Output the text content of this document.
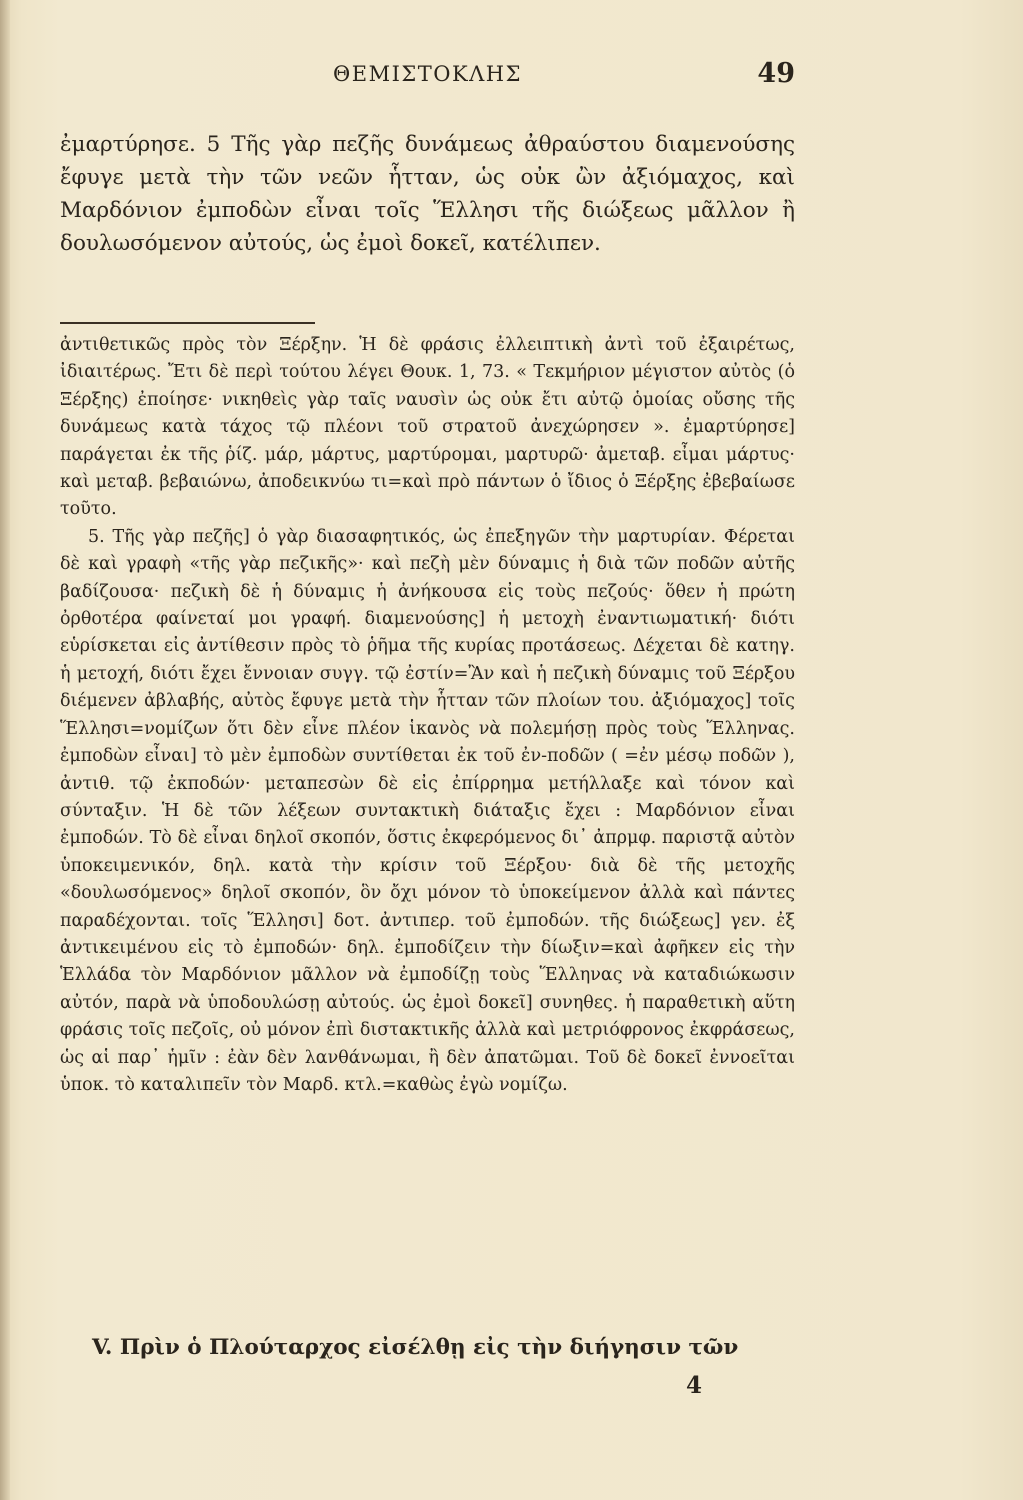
ΘΕΜΙΣΤΟΚΛΗΣ	49

ἐμαρτύρησε. 5 Τῆς γὰρ πεζῆς δυνάμεως ἀθραύστου διαμενούσης ἔφυγε μετὰ τὴν τῶν νεῶν ἧτταν, ὡς οὐκ ὢν ἀξιόμαχος, καὶ Μαρδόνιον ἐμποδὼν εἶναι τοῖς Ἕλλησι τῆς διώξεως μᾶλλον ἢ δουλωσόμενον αὐτούς, ὡς ἐμοὶ δοκεῖ, κατέλιπεν.

ἀντιθετικῶς πρὸς τὸν Ξέρξην. Ἡ δὲ φράσις ἐλλειπτικὴ ἀντὶ τοῦ ἐξαιρέτως, ἰδιαιτέρως. Ἔτι δὲ περὶ τούτου λέγει Θουκ. 1, 73. « Τεκμήριον μέγιστον αὐτὸς (ὁ Ξέρξης) ἐποίησε· νικηθεὶς γὰρ ταῖς ναυσὶν ὡς οὐκ ἔτι αὐτῷ ὁμοίας οὔσης τῆς δυνάμεως κατὰ τάχος τῷ πλέονι τοῦ στρατοῦ ἀνεχώρησεν ». ἐμαρτύρησε] παράγεται ἐκ τῆς ῥίζ. μάρ, μάρτυς, μαρτύρομαι, μαρτυρῶ· ἀμεταβ. εἶμαι μάρτυς· καὶ μεταβ. βεβαιώνω, ἀποδεικνύω τι=καὶ πρὸ πάντων ὁ ἴδιος ὁ Ξέρξης ἐβεβαίωσε τοῦτο.

5. Τῆς γὰρ πεζῆς] ὁ γὰρ διασαφητικός, ὡς ἐπεξηγῶν τὴν μαρτυρίαν. Φέρεται δὲ καὶ γραφὴ «τῆς γὰρ πεζικῆς»· καὶ πεζὴ μὲν δύναμις ἡ διὰ τῶν ποδῶν αὐτῆς βαδίζουσα· πεζικὴ δὲ ἡ δύναμις ἡ ἀνήκουσα εἰς τοὺς πεζούς· ὅθεν ἡ πρώτη ὀρθοτέρα φαίνεταί μοι γραφή. διαμενούσης] ἡ μετοχὴ ἐναντιωματική· διότι εὑρίσκεται εἰς ἀντίθεσιν πρὸς τὸ ῥῆμα τῆς κυρίας προτάσεως. Δέχεται δὲ κατηγ. ἡ μετοχή, διότι ἔχει ἔννοιαν συγγ. τῷ ἐστίν=Ἂν καὶ ἡ πεζικὴ δύναμις τοῦ Ξέρξου διέμενεν ἀβλαβής, αὐτὸς ἔφυγε μετὰ τὴν ἧτταν τῶν πλοίων του. ἀξιόμαχος] τοῖς Ἕλλησι=νομίζων ὅτι δὲν εἶνε πλέον ἱκανὸς νὰ πολεμήσῃ πρὸς τοὺς Ἕλληνας. ἐμποδὼν εἶναι] τὸ μὲν ἐμποδὼν συντίθεται ἐκ τοῦ ἐν-ποδῶν ( =ἐν μέσῳ ποδῶν ), ἀντιθ. τῷ ἐκποδών· μεταπεσὼν δὲ εἰς ἐπίρρημα μετήλλαξε καὶ τόνον καὶ σύνταξιν. Ἡ δὲ τῶν λέξεων συντακτικὴ διάταξις ἔχει : Μαρδόνιον εἶναι ἐμποδών. Τὸ δὲ εἶναι δηλοῖ σκοπόν, ὅστις ἐκφερόμενος δι᾽ ἀπρμφ. παριστᾷ αὐτὸν ὑποκειμενικόν, δηλ. κατὰ τὴν κρίσιν τοῦ Ξέρξου· διὰ δὲ τῆς μετοχῆς «δουλωσόμενος» δηλοῖ σκοπόν, ὃν ὄχι μόνον τὸ ὑποκείμενον ἀλλὰ καὶ πάντες παραδέχονται. τοῖς Ἕλλησι] δοτ. ἀντιπερ. τοῦ ἐμποδών. τῆς διώξεως] γεν. ἐξ ἀντικειμένου εἰς τὸ ἐμποδών· δηλ. ἐμποδίζειν τὴν δίωξιν=καὶ ἀφῆκεν εἰς τὴν Ἑλλάδα τὸν Μαρδόνιον μᾶλλον νὰ ἐμποδίζῃ τοὺς Ἕλληνας νὰ καταδιώκωσιν αὐτόν, παρὰ νὰ ὑποδουλώσῃ αὐτούς. ὡς ἐμοὶ δοκεῖ] συνηθες. ἡ παραθετικὴ αὕτη φράσις τοῖς πεζοῖς, οὐ μόνον ἐπὶ διστακτικῆς ἀλλὰ καὶ μετριόφρονος ἐκφράσεως, ὡς αἱ παρ᾽ ἡμῖν : ἐὰν δὲν λανθάνωμαι, ἢ δὲν ἀπατῶμαι. Τοῦ δὲ δοκεῖ ἐννοεῖται ὑποκ. τὸ καταλιπεῖν τὸν Μαρδ. κτλ.=καθὼς ἐγὼ νομίζω.

V. Πρὶν ὁ Πλούταρχος εἰσέλθῃ εἰς τὴν διήγησιν τῶν

4
